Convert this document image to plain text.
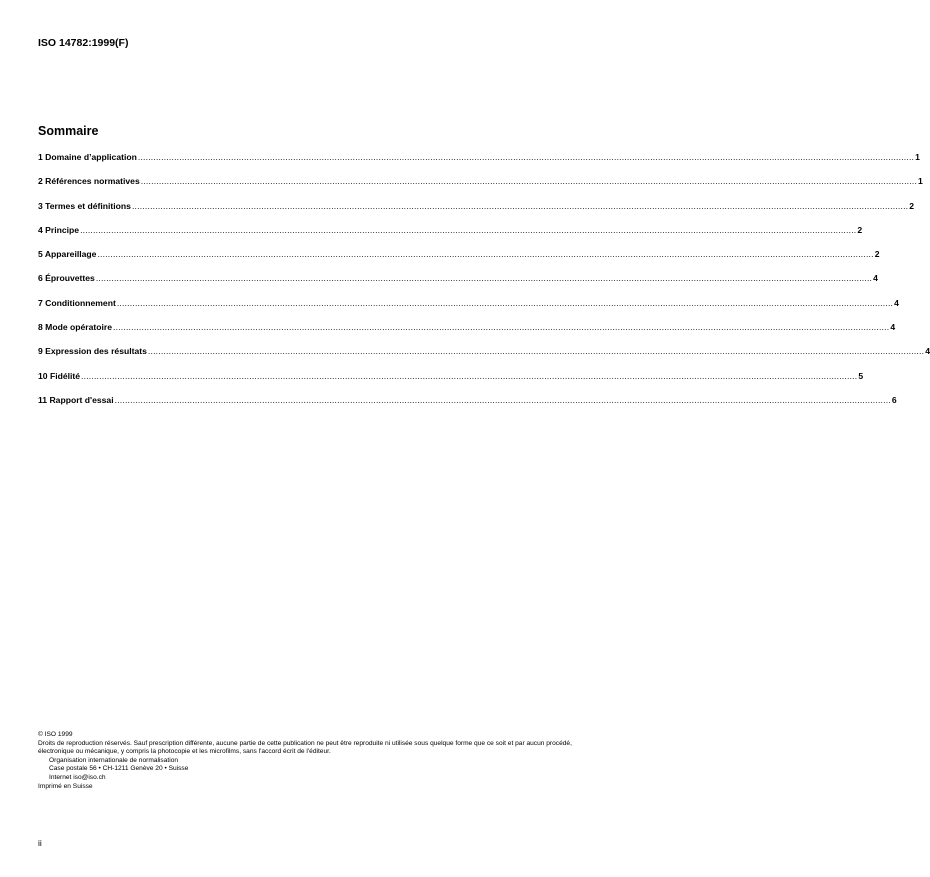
ISO 14782:1999(F)
Sommaire
1 Domaine d’application ............................................................................................................................................................................................................................................................................................................ 1
2 Références normatives ............................................................................................................................................................................................................................................................................................................ 1
3 Termes et définitions ............................................................................................................................................................................................................................................................................................................ 2
4 Principe ............................................................................................................................................................................................................................................................................................................ 2
5 Appareillage ............................................................................................................................................................................................................................................................................................................ 2
6 Éprouvettes ............................................................................................................................................................................................................................................................................................................ 4
7 Conditionnement ............................................................................................................................................................................................................................................................................................................ 4
8 Mode opératoire ............................................................................................................................................................................................................................................................................................................ 4
9 Expression des résultats ............................................................................................................................................................................................................................................................................................................ 4
10 Fidélité ............................................................................................................................................................................................................................................................................................................ 5
11 Rapport d'essai ............................................................................................................................................................................................................................................................................................................ 6

© ISO 1999

Droits de reproduction réservés. Sauf prescription différente, aucune partie de cette publication ne peut être reproduite ni utilisée sous quelque forme que ce soit et par aucun procédé, électronique ou mécanique, y compris la photocopie et les microfilms, sans l'accord écrit de l'éditeur.

Organisation internationale de normalisation

Case postale 56 • CH-1211 Genève 20 • Suisse

Internet iso@iso.ch

Imprimé en Suisse

ii
